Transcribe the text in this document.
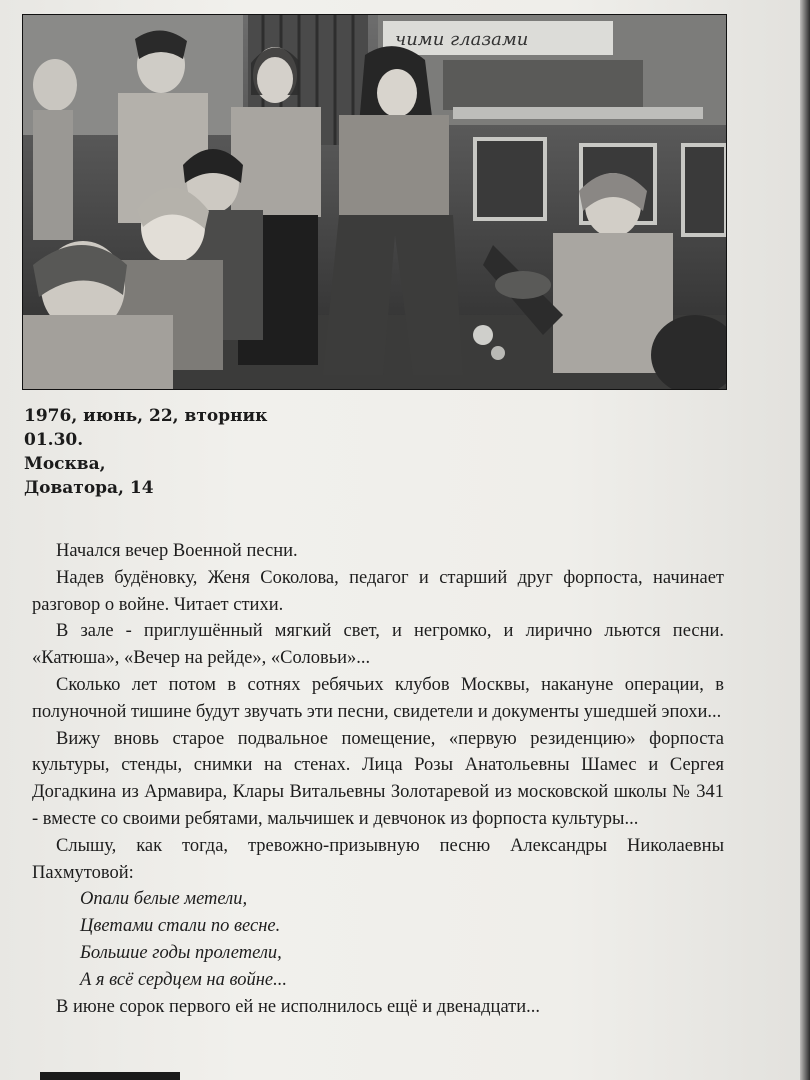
чими глазами
1976, июнь, 22, вторник
01.30.
Москва,
Доватора, 14

Начался вечер Военной песни.

Надев будёновку, Женя Соколова, педагог и старший друг форпоста, начинает разговор о войне. Читает стихи.

В зале - приглушённый мягкий свет, и негромко, и лирично льются песни. «Катюша», «Вечер на рейде», «Соловьи»...

Сколько лет потом в сотнях ребячьих клубов Москвы, накануне операции, в полуночной тишине будут звучать эти песни, свидетели и документы ушедшей эпохи...

Вижу вновь старое подвальное помещение, «первую резиденцию» форпоста культуры, стенды, снимки на стенах. Лица Розы Анатольевны Шамес и Сергея Догадкина из Армавира, Клары Витальевны Золотаревой из московской школы № 341 - вместе со своими ребятами, мальчишек и девчонок из форпоста культуры...

Слышу, как тогда, тревожно-призывную песню Александры Николаевны Пахмутовой:

Опали белые метели,
Цветами стали по весне.
Большие годы пролетели,
А я всё сердцем на войне...

В июне сорок первого ей не исполнилось ещё и двенадцати...
